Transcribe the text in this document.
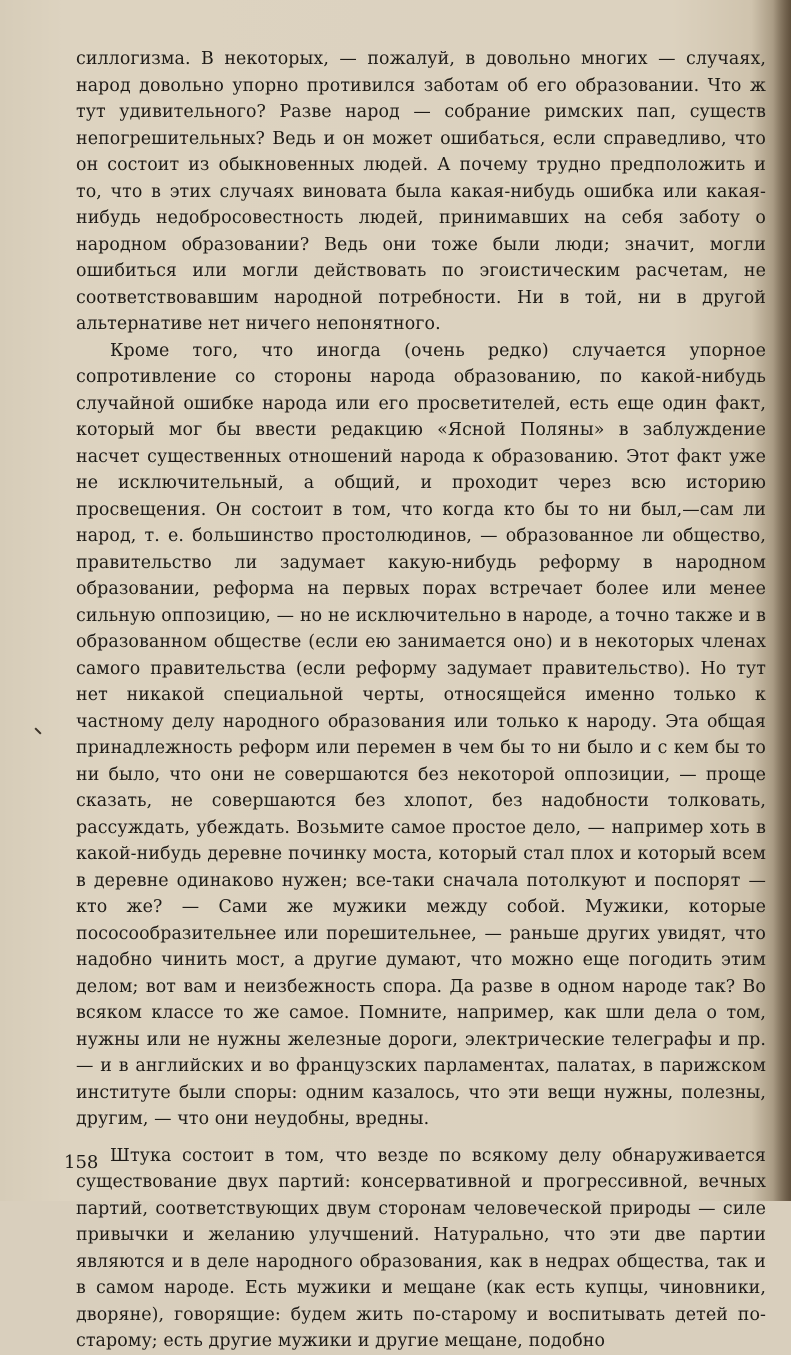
силлогизма. В некоторых, — пожалуй, в довольно многих — случаях, народ довольно упорно противился заботам об его образовании. Что ж тут удивительного? Разве народ — собрание римских пап, существ непогрешительных? Ведь и он может ошибаться, если справедливо, что он состоит из обыкновенных людей. А почему трудно предположить и то, что в этих случаях виновата была какая-нибудь ошибка или какая-нибудь недобросовестность людей, принимавших на себя заботу о народном образовании? Ведь они тоже были люди; значит, могли ошибиться или могли действовать по эгоистическим расчетам, не соответствовавшим народной потребности. Ни в той, ни в другой альтернативе нет ничего непонятного.

Кроме того, что иногда (очень редко) случается упорное сопротивление со стороны народа образованию, по какой-нибудь случайной ошибке народа или его просветителей, есть еще один факт, который мог бы ввести редакцию «Ясной Поляны» в заблуждение насчет существенных отношений народа к образованию. Этот факт уже не исключительный, а общий, и проходит через всю историю просвещения. Он состоит в том, что когда кто бы то ни был,—сам ли народ, т. е. большинство простолюдинов, — образованное ли общество, правительство ли задумает какую-нибудь реформу в народном образовании, реформа на первых порах встречает более или менее сильную оппозицию, — но не исключительно в народе, а точно также и в образованном обществе (если ею занимается оно) и в некоторых членах самого правительства (если реформу задумает правительство). Но тут нет никакой специальной черты, относящейся именно только к частному делу народного образования или только к народу. Эта общая принадлежность реформ или перемен в чем бы то ни было и с кем бы то ни было, что они не совершаются без некоторой оппозиции, — проще сказать, не совершаются без хлопот, без надобности толковать, рассуждать, убеждать. Возьмите самое простое дело, — например хоть в какой-нибудь деревне починку моста, который стал плох и который всем в деревне одинаково нужен; все-таки сначала потолкуют и поспорят — кто же? — Сами же мужики между собой. Мужики, которые пососообразительнее или порешительнее, — раньше других увидят, что надобно чинить мост, а другие думают, что можно еще погодить этим делом; вот вам и неизбежность спора. Да разве в одном народе так? Во всяком классе то же самое. Помните, например, как шли дела о том, нужны или не нужны железные дороги, электрические телеграфы и пр. — и в английских и во французских парламентах, палатах, в парижском институте были споры: одним казалось, что эти вещи нужны, полезны, другим, — что они неудобны, вредны.

Штука состоит в том, что везде по всякому делу обнаруживается существование двух партий: консервативной и прогрессивной, вечных партий, соответствующих двум сторонам человеческой природы — силе привычки и желанию улучшений. Натурально, что эти две партии являются и в деле народного образования, как в недрах общества, так и в самом народе. Есть мужики и мещане (как есть купцы, чиновники, дворяне), говорящие: будем жить по-старому и воспитывать детей по-старому; есть другие мужики и другие мещане, подобно

158
